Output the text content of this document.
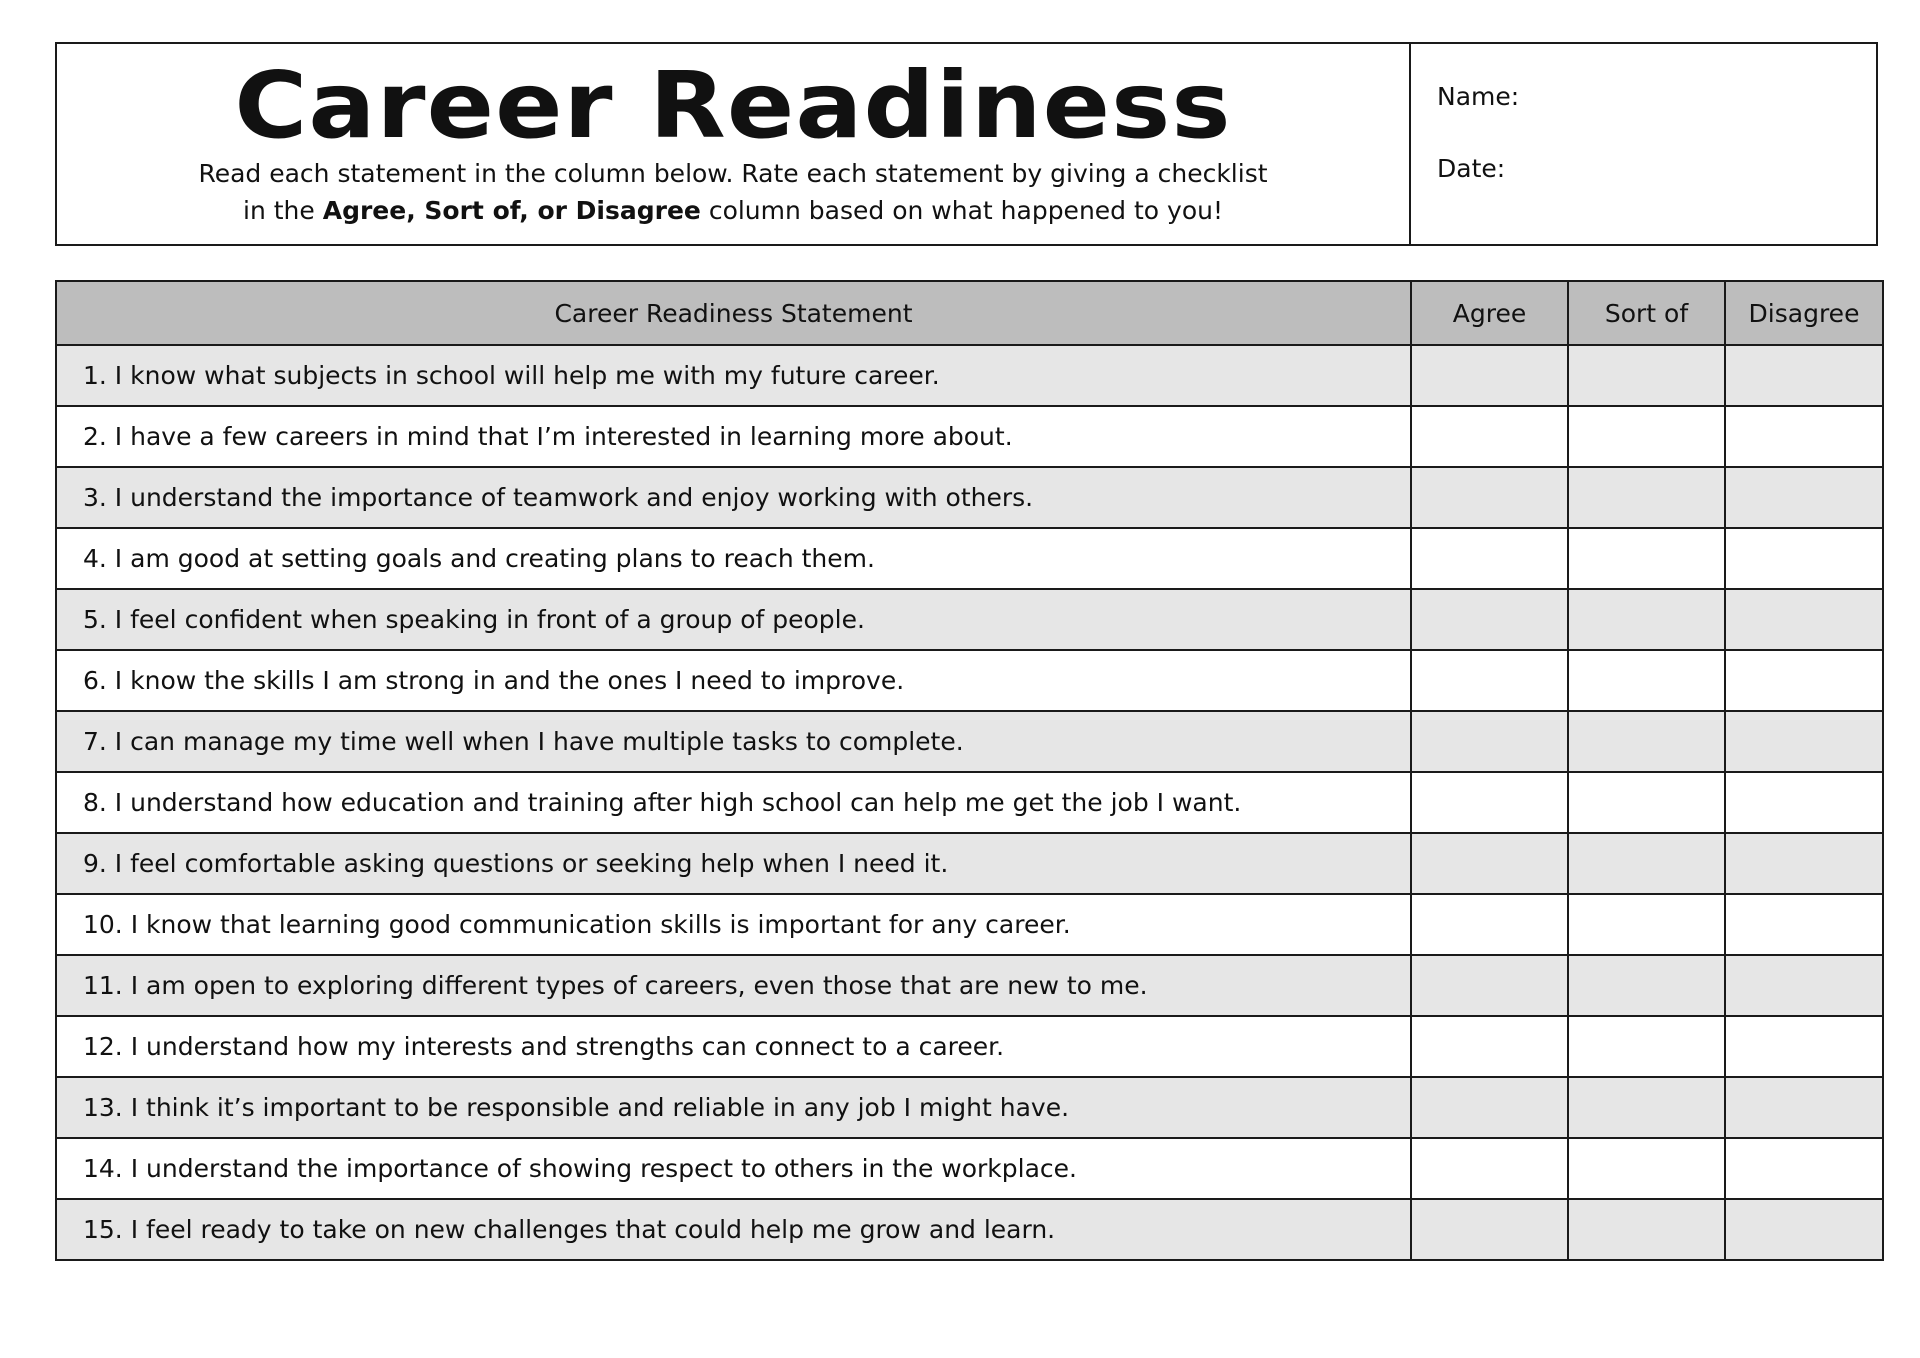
Career Readiness
Read each statement in the column below. Rate each statement by giving a checklist
in the Agree, Sort of, or Disagree column based on what happened to you!
Name:
Date:
Career Readiness Statement	Agree	Sort of	Disagree
1. I know what subjects in school will help me with my future career.			
2. I have a few careers in mind that I’m interested in learning more about.			
3. I understand the importance of teamwork and enjoy working with others.			
4. I am good at setting goals and creating plans to reach them.			
5. I feel confident when speaking in front of a group of people.			
6. I know the skills I am strong in and the ones I need to improve.			
7. I can manage my time well when I have multiple tasks to complete.			
8. I understand how education and training after high school can help me get the job I want.			
9. I feel comfortable asking questions or seeking help when I need it.			
10. I know that learning good communication skills is important for any career.			
11. I am open to exploring different types of careers, even those that are new to me.			
12. I understand how my interests and strengths can connect to a career.			
13. I think it’s important to be responsible and reliable in any job I might have.			
14. I understand the importance of showing respect to others in the workplace.			
15. I feel ready to take on new challenges that could help me grow and learn.			
